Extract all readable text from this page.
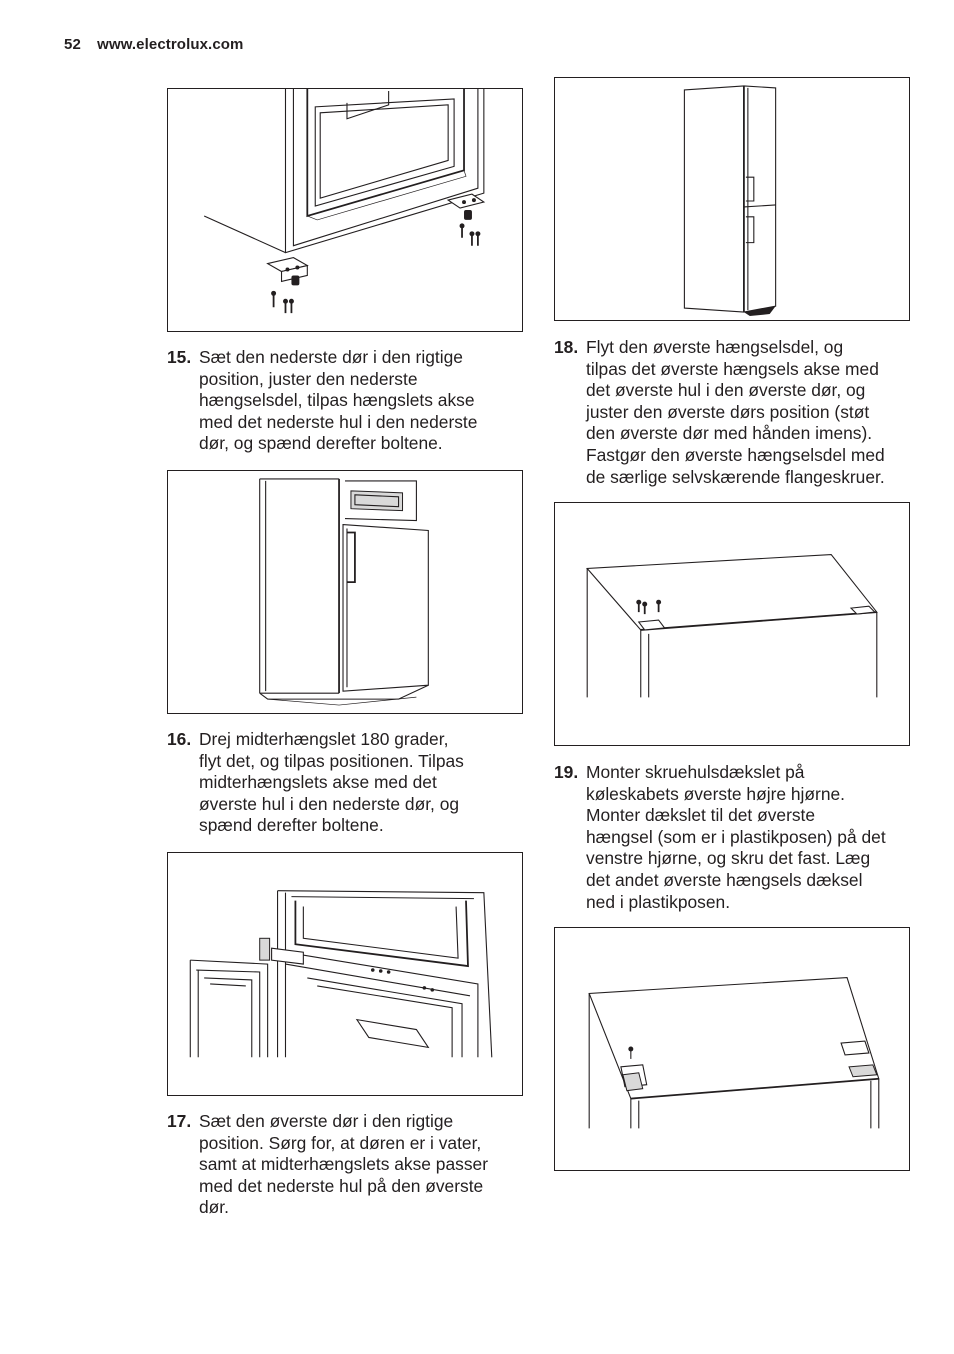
52 www.electrolux.com
15. Sæt den nederste dør i den rigtige
position, juster den nederste
hængselsdel, tilpas hængslets akse
med det nederste hul i den nederste
dør, og spænd derefter boltene.
16. Drej midterhængslet 180 grader,
flyt det, og tilpas positionen. Tilpas
midterhængslets akse med det
øverste hul i den nederste dør, og
spænd derefter boltene.
17. Sæt den øverste dør i den rigtige
position. Sørg for, at døren er i vater,
samt at midterhængslets akse passer
med det nederste hul på den øverste
dør.
18. Flyt den øverste hængselsdel, og
tilpas det øverste hængsels akse med
det øverste hul i den øverste dør, og
juster den øverste dørs position (støt
den øverste dør med hånden imens).
Fastgør den øverste hængselsdel med
de særlige selvskærende flangeskruer.
19. Monter skruehulsdækslet på
køleskabets øverste højre hjørne.
Monter dækslet til det øverste
hængsel (som er i plastikposen) på det
venstre hjørne, og skru det fast. Læg
det andet øverste hængsels dæksel
ned i plastikposen.
